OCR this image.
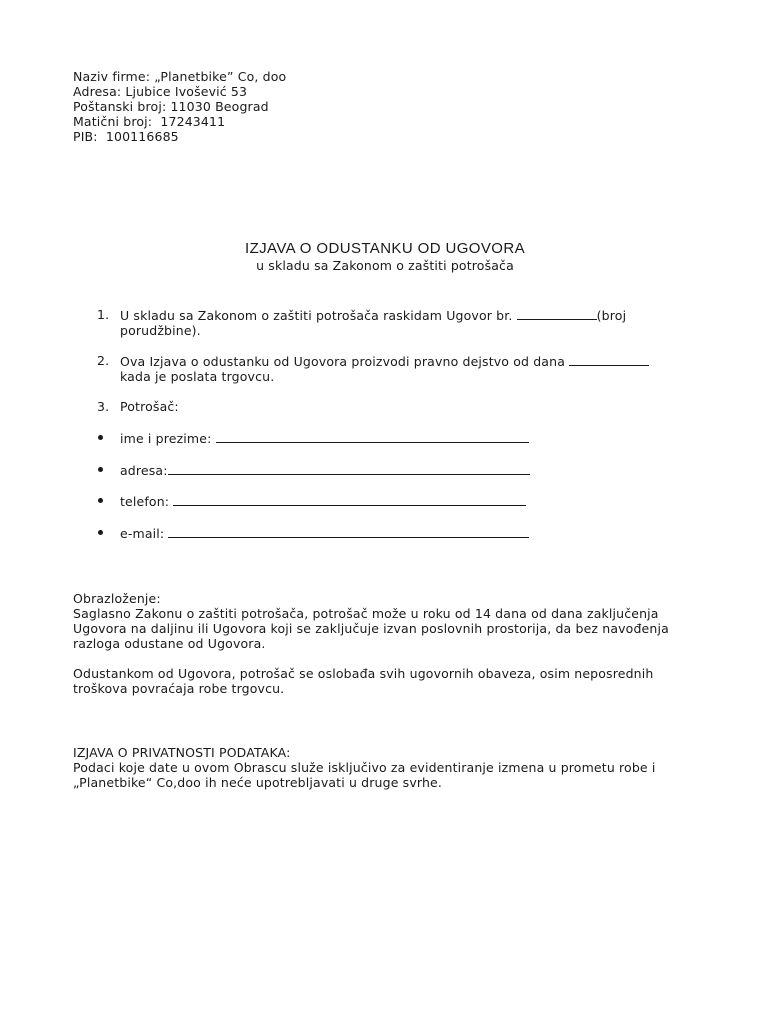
Naziv firme: „Planetbike” Co, doo
Adresa: Ljubice Ivošević 53
Poštanski broj: 11030 Beograd
Matični broj:  17243411
PIB:  100116685
IZJAVA O ODUSTANKU OD UGOVORA
u skladu sa Zakonom o zaštiti potrošača
1. U skladu sa Zakonom o zaštiti potrošača raskidam Ugovor br.	(broj
porudžbine).
2. Ova Izjava o odustanku od Ugovora proizvodi pravno dejstvo od dana
kada je poslata trgovcu.
3. Potrošač:
ime i prezime:
adresa:
telefon:
e-mail:
Obrazloženje:
Saglasno Zakonu o zaštiti potrošača, potrošač može u roku od 14 dana od dana zaključenja
Ugovora na daljinu ili Ugovora koji se zaključuje izvan poslovnih prostorija, da bez navođenja
razloga odustane od Ugovora.
Odustankom od Ugovora, potrošač se oslobađa svih ugovornih obaveza, osim neposrednih
troškova povraćaja robe trgovcu.
IZJAVA O PRIVATNOSTI PODATAKA:
Podaci koje date u ovom Obrascu služe isključivo za evidentiranje izmena u prometu robe i
„Planetbike“ Co,doo ih neće upotrebljavati u druge svrhe.
